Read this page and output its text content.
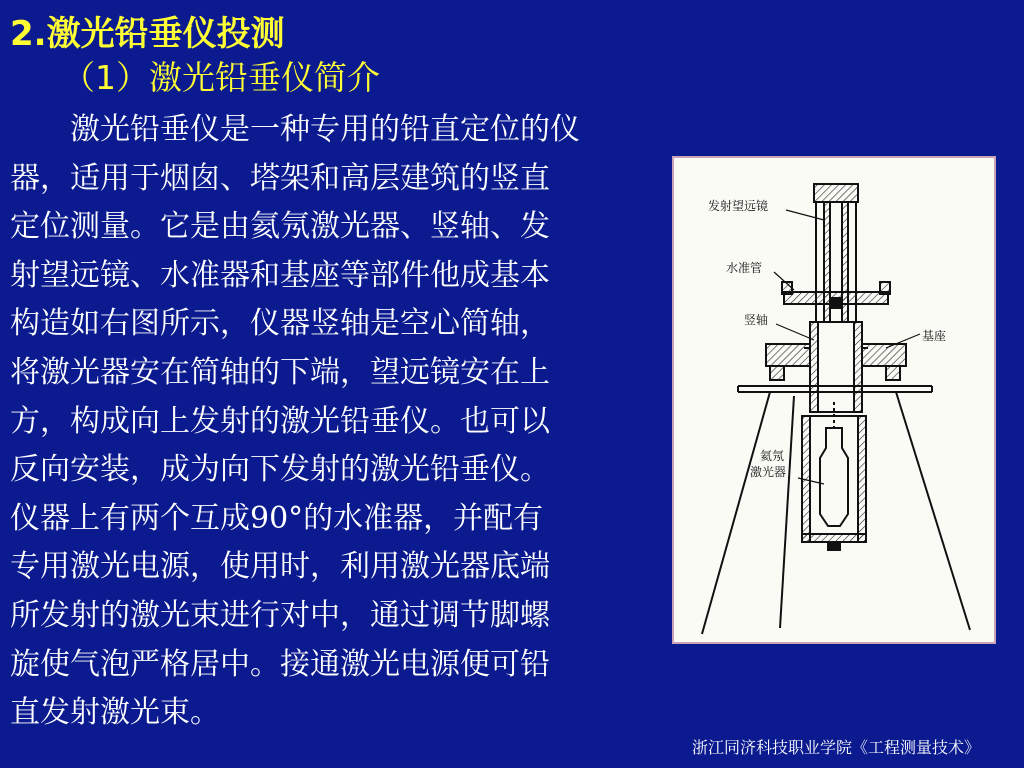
2.激光铅垂仪投测
（1）激光铅垂仪简介

　　激光铅垂仪是一种专用的铅直定位的仪

器，适用于烟囱、塔架和高层建筑的竖直

定位测量。它是由氦氖激光器、竖轴、发

射望远镜、水准器和基座等部件他成基本

构造如右图所示，仪器竖轴是空心简轴，

将激光器安在简轴的下端，望远镜安在上

方，构成向上发射的激光铅垂仪。也可以

反向安装，成为向下发射的激光铅垂仪。

仪器上有两个互成90°的水准器，并配有

专用激光电源，使用时，利用激光器底端

所发射的激光束进行对中，通过调节脚螺

旋使气泡严格居中。接通激光电源便可铅

直发射激光束。

发射望远镜
水准管
竖轴
基座
氦氖
激光器
浙江同济科技职业学院《工程测量技术》
